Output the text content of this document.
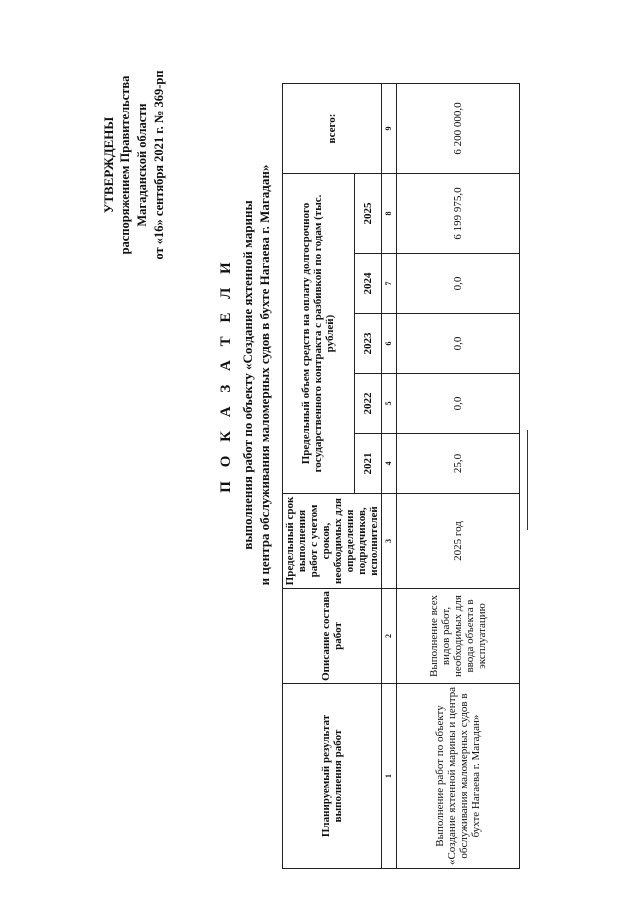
УТВЕРЖДЕНЫ распоряжением Правительства Магаданской области от «16» сентября 2021 г. № 369-рп
П О К А З А Т Е Л И выполнения работ по объекту «Создание яхтенной марины и центра обслуживания маломерных судов в бухте Нагаева г. Магадан»
Планируемый результат выполнения работ	Описание состава работ	Предельный срок выполнения работ с учетом сроков, необходимых для определения подрядчиков, исполнителей	Предельный объем средств на оплату долгосрочного государственного контракта с разбивкой по годам (тыс. рублей)					всего:
			2021	2022	2023	2024	2025	
1	2	3	4	5	6	7	8	9
Выполнение работ по объекту «Создание яхтенной марины и центра обслуживания маломерных судов в бухте Нагаева г. Магадан»	Выполнение всех видов работ, необходимых для ввода объекта в эксплуатацию	2025 год	25,0	0,0	0,0	0,0	6 199 975,0	6 200 000,0
